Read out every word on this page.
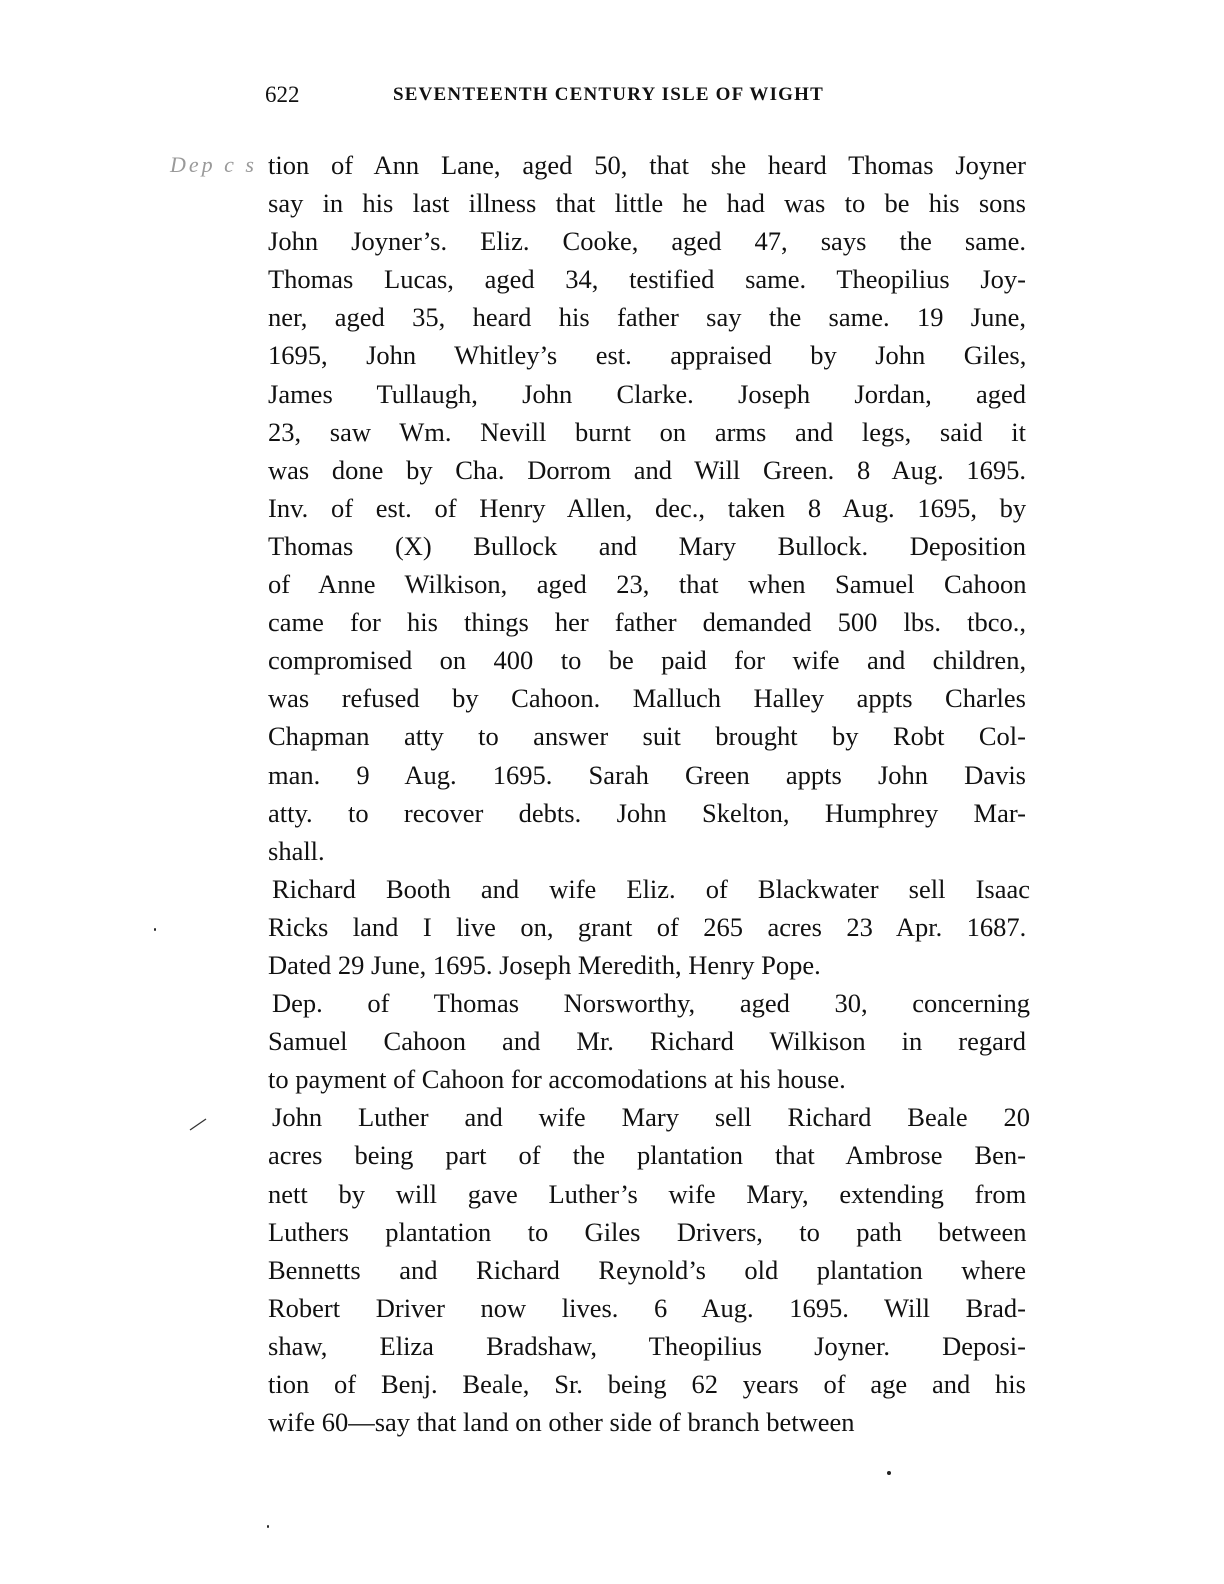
622	SEVENTEENTH CENTURY ISLE OF WIGHT
Dep c s tion of Ann Lane, aged 50, that she heard Thomas Joyner
say in his last illness that little he had was to be his sons
John Joyner’s. Eliz. Cooke, aged 47, says the same.
Thomas Lucas, aged 34, testified same. Theopilius Joy-
ner, aged 35, heard his father say the same. 19 June,
1695, John Whitley’s est. appraised by John Giles,
James Tullaugh, John Clarke. Joseph Jordan, aged
23, saw Wm. Nevill burnt on arms and legs, said it
was done by Cha. Dorrom and Will Green. 8 Aug. 1695.
Inv. of est. of Henry Allen, dec., taken 8 Aug. 1695, by
Thomas (X) Bullock and Mary Bullock. Deposition
of Anne Wilkison, aged 23, that when Samuel Cahoon
came for his things her father demanded 500 lbs. tbco.,
compromised on 400 to be paid for wife and children,
was refused by Cahoon. Malluch Halley appts Charles
Chapman atty to answer suit brought by Robt Col-
man. 9 Aug. 1695. Sarah Green appts John Davis
atty. to recover debts. John Skelton, Humphrey Mar-
shall.
Richard Booth and wife Eliz. of Blackwater sell Isaac
Ricks land I live on, grant of 265 acres 23 Apr. 1687.
Dated 29 June, 1695. Joseph Meredith, Henry Pope.
Dep. of Thomas Norsworthy, aged 30, concerning
Samuel Cahoon and Mr. Richard Wilkison in regard
to payment of Cahoon for accomodations at his house.
John Luther and wife Mary sell Richard Beale 20
acres being part of the plantation that Ambrose Ben-
nett by will gave Luther’s wife Mary, extending from
Luthers plantation to Giles Drivers, to path between
Bennetts and Richard Reynold’s old plantation where
Robert Driver now lives. 6 Aug. 1695. Will Brad-
shaw, Eliza Bradshaw, Theopilius Joyner. Deposi-
tion of Benj. Beale, Sr. being 62 years of age and his
wife 60—say that land on other side of branch between
